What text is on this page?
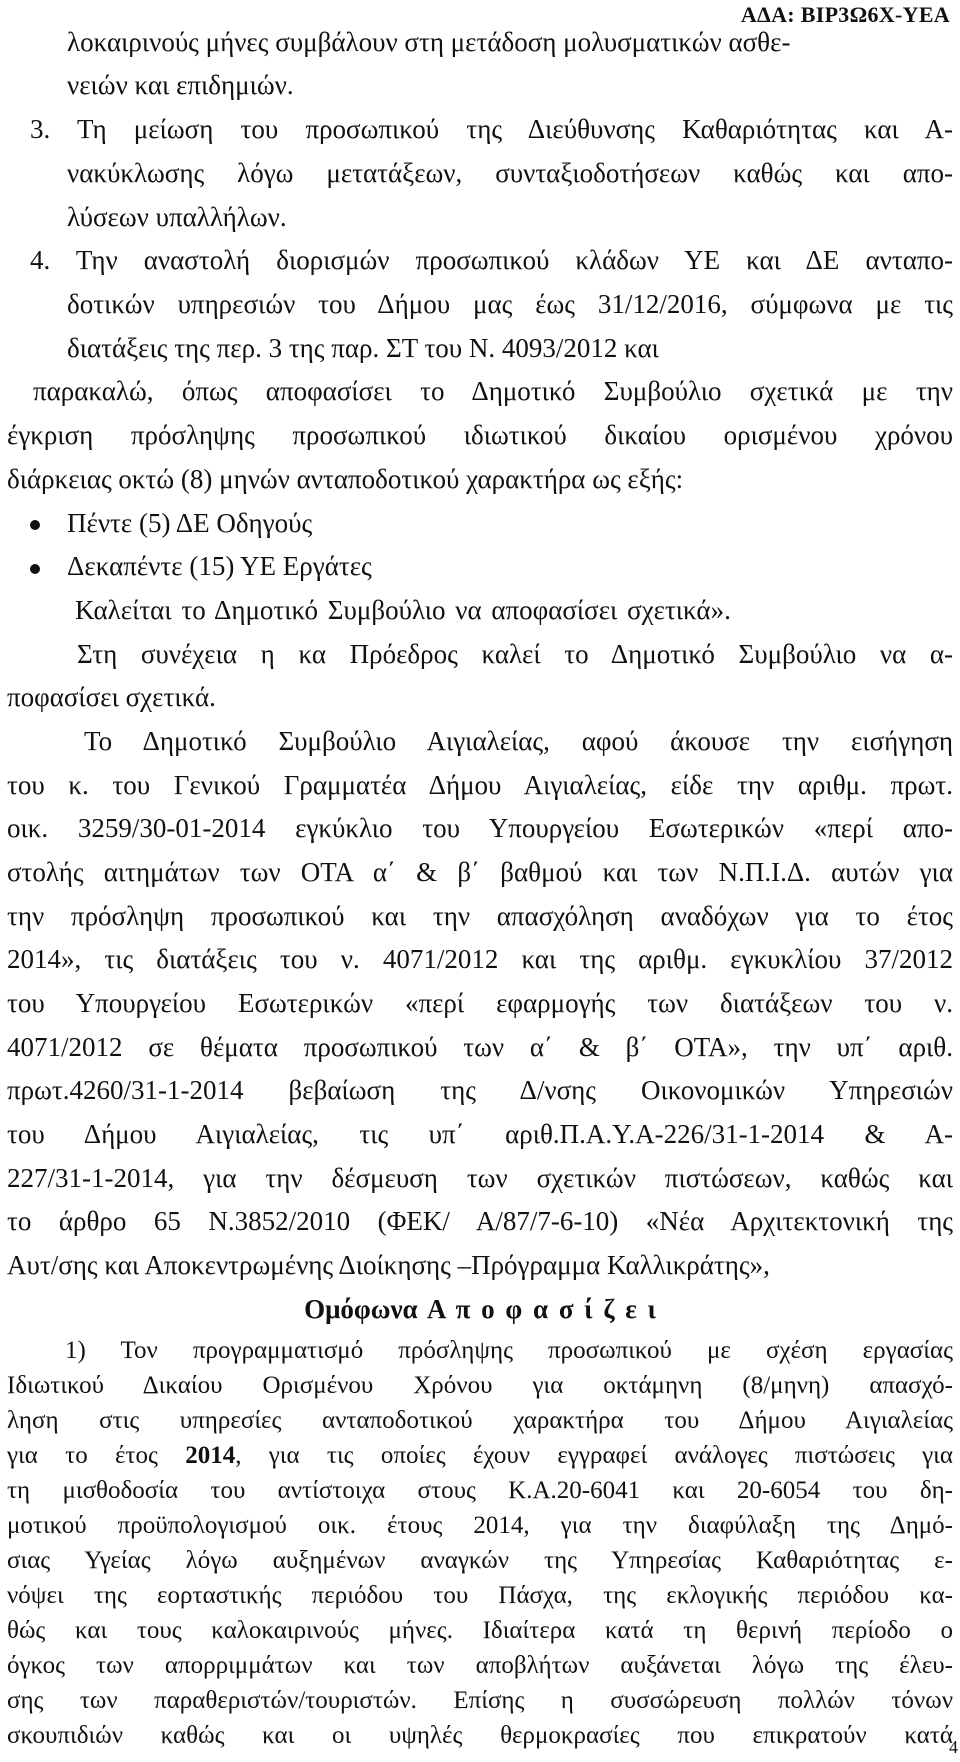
ΑΔΑ: ΒΙΡ3Ω6Χ-ΥΕΑ
λοκαιρινούς μήνες συμβάλουν στη μετάδοση μολυσματικών ασθε-
νειών και επιδημιών.
3. Τη μείωση του προσωπικού της Διεύθυνσης Καθαριότητας και Α-
νακύκλωσης λόγω μετατάξεων, συνταξιοδοτήσεων καθώς και απο-
λύσεων υπαλλήλων.
4. Την αναστολή διορισμών προσωπικού κλάδων ΥΕ και ΔΕ ανταπο-
δοτικών υπηρεσιών του Δήμου μας έως 31/12/2016, σύμφωνα με τις
διατάξεις της περ. 3 της παρ. ΣΤ του Ν. 4093/2012 και
παρακαλώ, όπως αποφασίσει το Δημοτικό Συμβούλιο σχετικά με την
έγκριση πρόσληψης προσωπικού ιδιωτικού δικαίου ορισμένου χρόνου
διάρκειας οκτώ (8) μηνών ανταποδοτικού χαρακτήρα ως εξής:
Πέντε (5) ΔΕ Οδηγούς
Δεκαπέντε (15) ΥΕ Εργάτες
Καλείται το Δημοτικό Συμβούλιο να αποφασίσει σχετικά».
Στη συνέχεια η κα Πρόεδρος καλεί το Δημοτικό Συμβούλιο να α-
ποφασίσει σχετικά.
Το Δημοτικό Συμβούλιο Αιγιαλείας, αφού άκουσε την εισήγηση
του κ. του Γενικού Γραμματέα Δήμου Αιγιαλείας, είδε την αριθμ. πρωτ.
οικ. 3259/30-01-2014 εγκύκλιο του Υπουργείου Εσωτερικών «περί απο-
στολής αιτημάτων των ΟΤΑ α΄ & β΄ βαθμού και των Ν.Π.Ι.Δ. αυτών για
την πρόσληψη προσωπικού και την απασχόληση αναδόχων για το έτος
2014», τις διατάξεις του ν. 4071/2012 και της αριθμ. εγκυκλίου 37/2012
του Υπουργείου Εσωτερικών «περί εφαρμογής των διατάξεων του ν.
4071/2012 σε θέματα προσωπικού των α΄ & β΄ ΟΤΑ», την υπ΄ αριθ.
πρωτ.4260/31-1-2014 βεβαίωση της Δ/νσης Οικονομικών Υπηρεσιών
του Δήμου Αιγιαλείας, τις υπ΄ αριθ.Π.Α.Υ.Α-226/31-1-2014 & Α-
227/31-1-2014, για την δέσμευση των σχετικών πιστώσεων, καθώς και
το άρθρο 65 Ν.3852/2010 (ΦΕΚ/ Α/87/7-6-10) «Νέα Αρχιτεκτονική της
Αυτ/σης και Αποκεντρωμένης Διοίκησης –Πρόγραμμα Καλλικράτης»,
Ομόφωνα Α π ο φ α σ ί ζ ε ι
1) Τον προγραμματισμό πρόσληψης προσωπικού με σχέση εργασίας
Ιδιωτικού Δικαίου Ορισμένου Χρόνου για οκτάμηνη (8/μηνη) απασχό-
ληση στις υπηρεσίες ανταποδοτικού χαρακτήρα του Δήμου Αιγιαλείας
για το έτος 2014, για τις οποίες έχουν εγγραφεί ανάλογες πιστώσεις για
τη μισθοδοσία του αντίστοιχα στους Κ.Α.20-6041 και 20-6054 του δη-
μοτικού προϋπολογισμού οικ. έτους 2014, για την διαφύλαξη της Δημό-
σιας Υγείας λόγω αυξημένων αναγκών της Υπηρεσίας Καθαριότητας ε-
νόψει της εορταστικής περιόδου του Πάσχα, της εκλογικής περιόδου κα-
θώς και τους καλοκαιρινούς μήνες. Ιδιαίτερα κατά τη θερινή περίοδο ο
όγκος των απορριμμάτων και των αποβλήτων αυξάνεται λόγω της έλευ-
4
σης των παραθεριστών/τουριστών. Επίσης η συσσώρευση πολλών τόνων
σκουπιδιών καθώς και οι υψηλές θερμοκρασίες που επικρατούν κατά
